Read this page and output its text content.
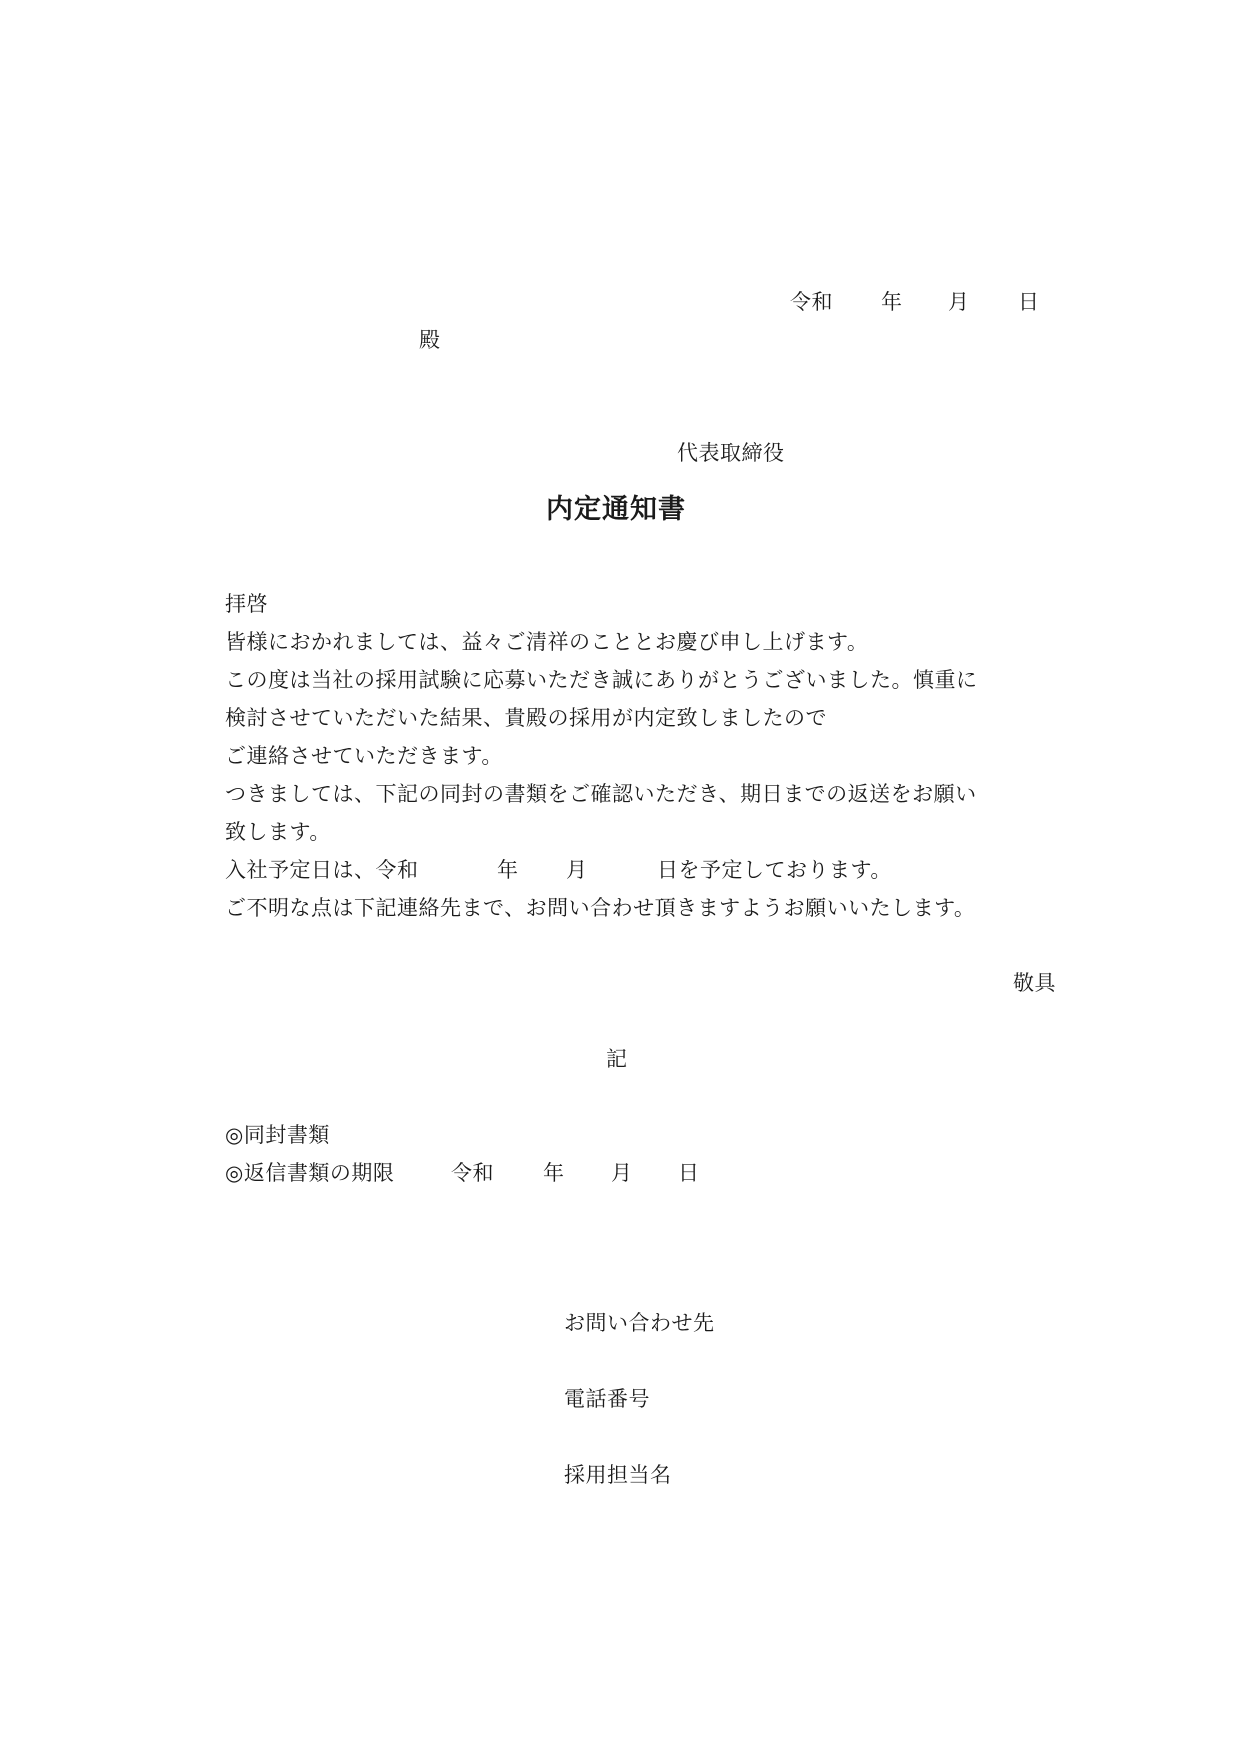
令和 年 月 日
殿
代表取締役
内定通知書
拝啓
皆様におかれましては、益々ご清祥のこととお慶び申し上げます。
この度は当社の採用試験に応募いただき誠にありがとうございました。慎重に
検討させていただいた結果、貴殿の採用が内定致しましたので
ご連絡させていただきます。
つきましては、下記の同封の書類をご確認いただき、期日までの返送をお願い
致します。
入社予定日は、令和	年 月	日を予定しております。
ご不明な点は下記連絡先まで、お問い合わせ頂きますようお願いいたします。
敬具
記
◎同封書類
◎返信書類の期限	令和 年 月 日
お問い合わせ先
電話番号
採用担当名
